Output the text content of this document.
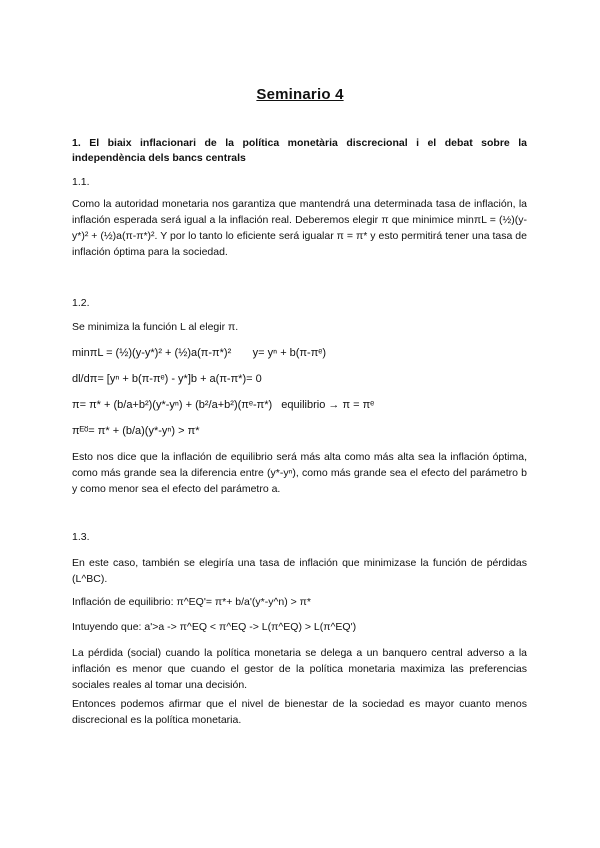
Seminario 4
1. El biaix inflacionari de la política monetària discrecional i el debat sobre la independència dels bancs centrals
1.1.
Como la autoridad monetaria nos garantiza que mantendrá una determinada tasa de inflación, la inflación esperada será igual a la inflación real. Deberemos elegir π que minimice minπL = (½)(y-y*)² + (½)a(π-π*)². Y por lo tanto lo eficiente será igualar π = π* y esto permitirá tener una tasa de inflación óptima para la sociedad.
1.2.
Se minimiza la función L al elegir π.
minπL = (½)(y-y*)² + (½)a(π-π*)²       y= yⁿ + b(π-πᵉ)
dl/dπ= [yⁿ + b(π-πᵉ) - y*]b + a(π-π*)= 0
π= π* + (b/a+b²)(y*-yⁿ) + (b²/a+b²)(πᵉ-π*)   equilibrio → π = πᵉ
πᴱᴽ= π* + (b/a)(y*-yⁿ) > π*
Esto nos dice que la inflación de equilibrio será más alta como más alta sea la inflación óptima, como más grande sea la diferencia entre (y*-yⁿ), como más grande sea el efecto del parámetro b y como menor sea el efecto del parámetro a.
1.3.
En este caso, también se elegiría una tasa de inflación que minimizase la función de pérdidas (L^BC).
Inflación de equilibrio: π^EQ'= π*+ b/a'(y*-y^n) > π*
Intuyendo que: a'>a -> π^EQ < π^EQ -> L(π^EQ) > L(π^EQ')
La pérdida (social) cuando la política monetaria se delega a un banquero central adverso a la inflación es menor que cuando el gestor de la política monetaria maximiza las preferencias sociales reales al tomar una decisión.
Entonces podemos afirmar que el nivel de bienestar de la sociedad es mayor cuanto menos discrecional es la política monetaria.
